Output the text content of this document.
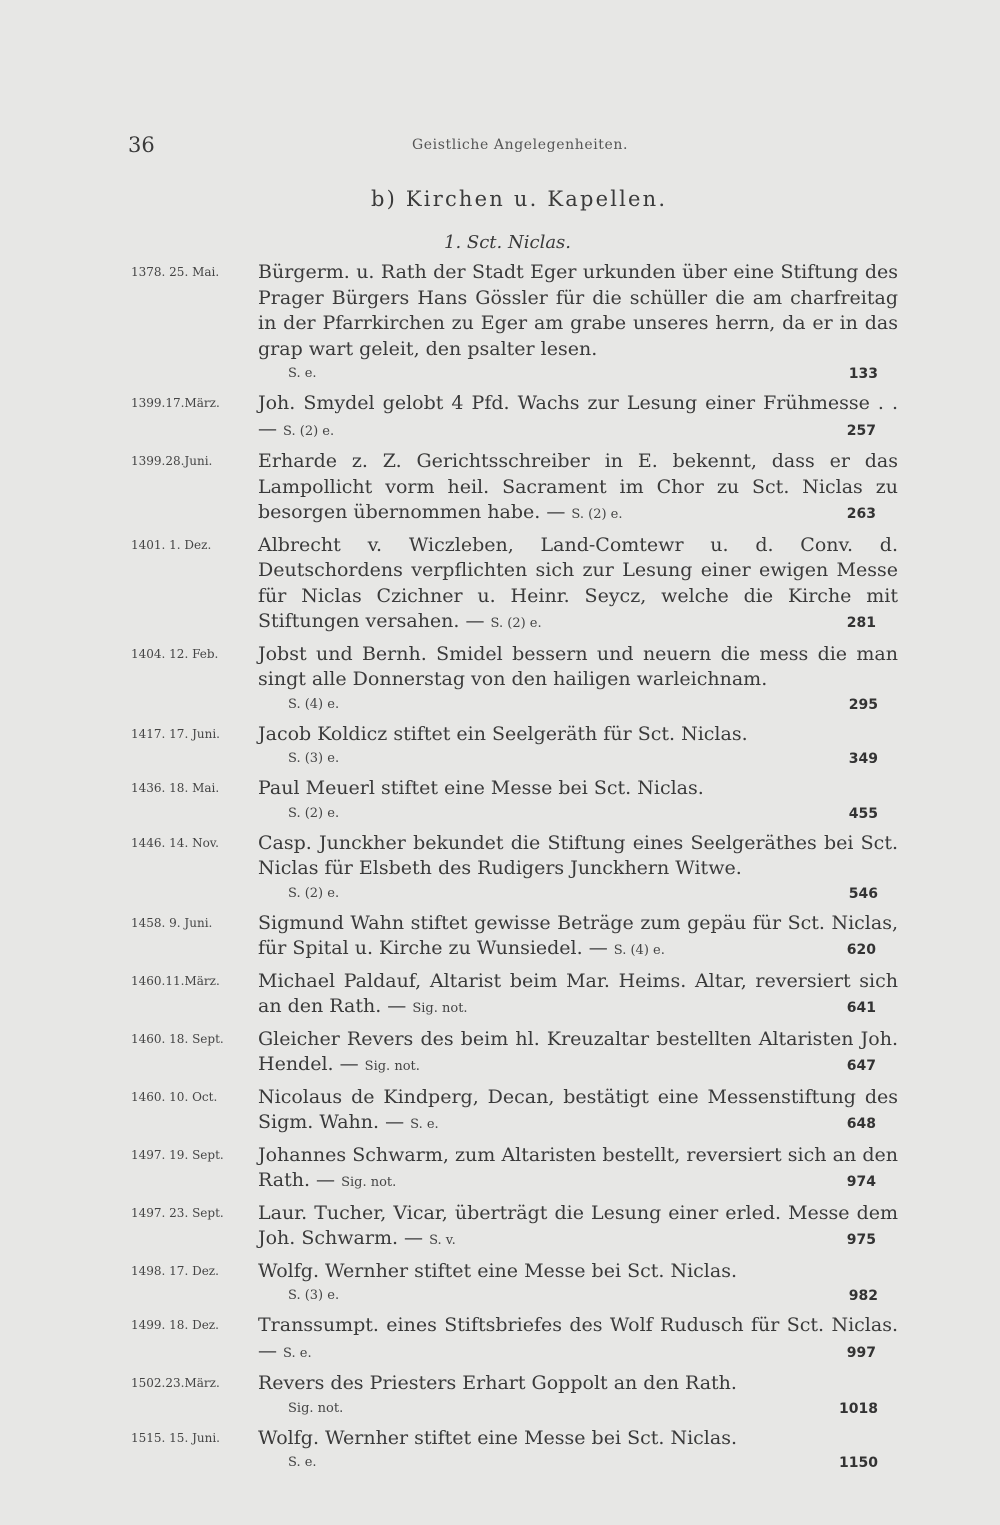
36	Geistliche Angelegenheiten.
b) Kirchen u. Kapellen.
1. Sct. Niclas.
1378. 25. Mai. Bürgerm. u. Rath der Stadt Eger urkunden über eine Stiftung des Prager Bürgers Hans Gössler für die schüller die am charfreitag in der Pfarrkirchen zu Eger am grabe unseres herrn, da er in das grap wart geleit, den psalter lesen.
S. e.	133
1399.17.März. Joh. Smydel gelobt 4 Pfd. Wachs zur Lesung einer Frühmesse . . — S. (2) e.	257
1399.28.Juni. Erharde z. Z. Gerichtsschreiber in E. bekennt, dass er das Lampollicht vorm heil. Sacrament im Chor zu Sct. Niclas zu besorgen übernommen habe. — S. (2) e.	263
1401. 1. Dez. Albrecht v. Wiczleben, Land-Comtewr u. d. Conv. d. Deutschordens verpflichten sich zur Lesung einer ewigen Messe für Niclas Czichner u. Heinr. Seycz, welche die Kirche mit Stiftungen versahen. — S. (2) e.	281
1404. 12. Feb. Jobst und Bernh. Smidel bessern und neuern die mess die man singt alle Donnerstag von den hailigen warleichnam.
S. (4) e.	295
1417. 17. Juni. Jacob Koldicz stiftet ein Seelgeräth für Sct. Niclas.
S. (3) e.	349
1436. 18. Mai. Paul Meuerl stiftet eine Messe bei Sct. Niclas.
S. (2) e.	455
1446. 14. Nov. Casp. Junckher bekundet die Stiftung eines Seelgeräthes bei Sct. Niclas für Elsbeth des Rudigers Junckhern Witwe.
S. (2) e.	546
1458. 9. Juni. Sigmund Wahn stiftet gewisse Beträge zum gepäu für Sct. Niclas, für Spital u. Kirche zu Wunsiedel. — S. (4) e.	620
1460.11.März. Michael Paldauf, Altarist beim Mar. Heims. Altar, reversiert sich an den Rath. — Sig. not.	641
1460. 18. Sept. Gleicher Revers des beim hl. Kreuzaltar bestellten Altaristen Joh. Hendel. — Sig. not.	647
1460. 10. Oct. Nicolaus de Kindperg, Decan, bestätigt eine Messenstiftung des Sigm. Wahn. — S. e.	648
1497. 19. Sept. Johannes Schwarm, zum Altaristen bestellt, reversiert sich an den Rath. — Sig. not.	974
1497. 23. Sept. Laur. Tucher, Vicar, überträgt die Lesung einer erled. Messe dem Joh. Schwarm. — S. v.	975
1498. 17. Dez. Wolfg. Wernher stiftet eine Messe bei Sct. Niclas.
S. (3) e.	982
1499. 18. Dez. Transsumpt. eines Stiftsbriefes des Wolf Rudusch für Sct. Niclas. — S. e.	997
1502.23.März. Revers des Priesters Erhart Goppolt an den Rath.
Sig. not.	1018
1515. 15. Juni. Wolfg. Wernher stiftet eine Messe bei Sct. Niclas.
S. e.	1150
